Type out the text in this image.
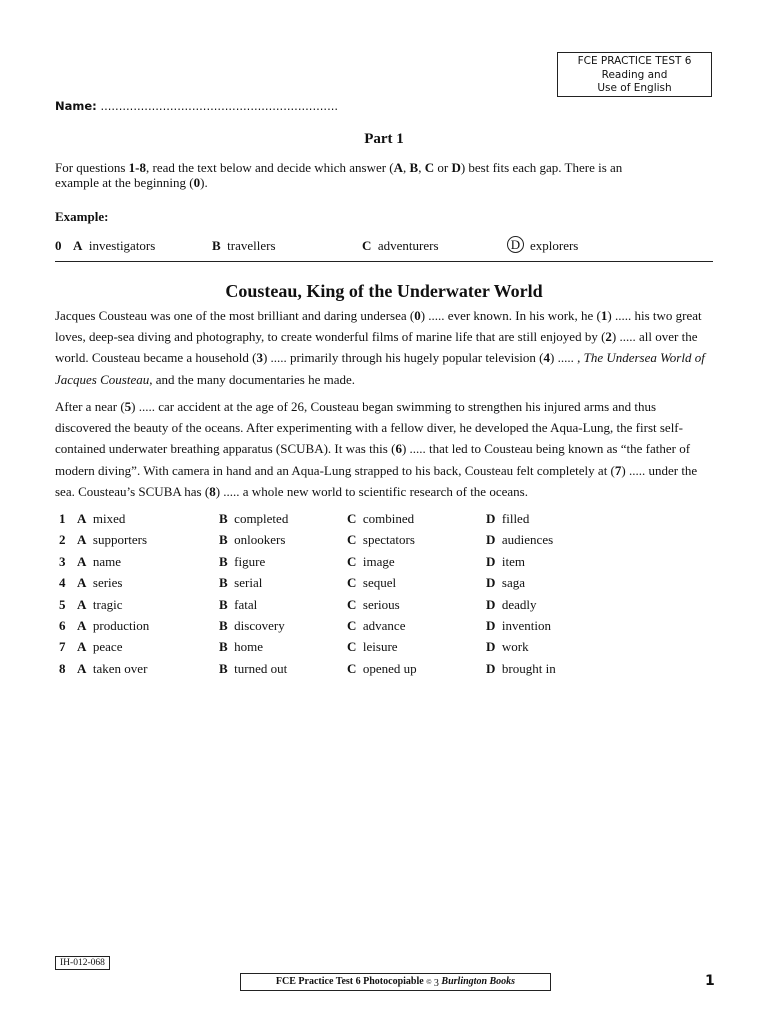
FCE PRACTICE TEST 6
Reading and
Use of English
Name: .................................................................
Part 1
For questions 1-8, read the text below and decide which answer (A, B, C or D) best fits each gap. There is an example at the beginning (0).
Example:
0 A investigators	B travellers	C adventurers	D explorers
Cousteau, King of the Underwater World
Jacques Cousteau was one of the most brilliant and daring undersea (0) ..... ever known. In his work, he (1) ..... his two great loves, deep-sea diving and photography, to create wonderful films of marine life that are still enjoyed by (2) ..... all over the world. Cousteau became a household (3) ..... primarily through his hugely popular television (4) ..... , The Undersea World of Jacques Cousteau, and the many documentaries he made.
After a near (5) ..... car accident at the age of 26, Cousteau began swimming to strengthen his injured arms and thus discovered the beauty of the oceans. After experimenting with a fellow diver, he developed the Aqua-Lung, the first self-contained underwater breathing apparatus (SCUBA). It was this (6) ..... that led to Cousteau being known as “the father of modern diving”. With camera in hand and an Aqua-Lung strapped to his back, Cousteau felt completely at (7) ..... under the sea. Cousteau’s SCUBA has (8) ..... a whole new world to scientific research of the oceans.
1 A mixed	B completed	C combined	D filled
2 A supporters	B onlookers	C spectators	D audiences
3 A name	B figure	C image	D item
4 A series	B serial	C sequel	D saga
5 A tragic	B fatal	C serious	D deadly
6 A production	B discovery	C advance	D invention
7 A peace	B home	C leisure	D work
8 A taken over	B turned out	C opened up	D brought in
IH-012-068
FCE Practice Test 6 Photocopiable © 3 Burlington Books	1
